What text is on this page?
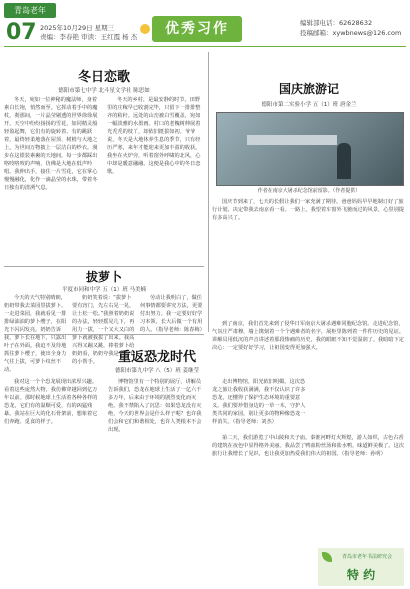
青岛老年
07 2025年10月29日 星期三
责编：李春艳 审读：王红霞 杨 杰	优秀习作	编辑部电话：62628632
投稿邮箱：xywbnews@126.com
冬日恋歌
德阳市第七中学 北斗星文学社 陈思如

冬天，宛如一位神秘的魔法师，身着素白长袍，悄然而至。它挥动着手中的魔杖，刹那间，一片晶莹剔透的世界徐徐展开。天空中纷纷扬扬的雪花，如同精灵般轻盈起舞，它们有的旋转着、有的跳跃着，最终轻柔地落在屋顶、树梢与大地之上，为世间万物披上一层洁白的纱衣。漫步在这银装素裹的天地间，每一步都踩出咯吱咯吱的声响，仿佛是大地在低声吟唱。我伸出手，接住一片雪花，它在掌心慢慢融化，化作一滴晶莹的水珠，带着冬日独有的清冽气息。

冬天的乡村，是最安静的时节。田野里的庄稼早已收割完毕，只留下一排排整齐的秸秆。远处的山峦被白雪覆盖，宛如一幅淡雅的水墨画。村口的老槐树伸展着光秃秃的枝丫，却依旧挺拔如初。爷爷说，冬天是大地休养生息的季节，只有经历严寒，来年才能迎来更加丰盈的收获。我坐在火炉旁，听着窗外呼啸的北风，心中却是暖意融融。这便是我心中的冬日恋歌。

国庆旅游记
德阳市第二实验小学 五（1）班 唐金兰
作者在南京大屠杀纪念馆前留影。（作者提供）

国庆节到来了，七天的长假让我们一家充满了期待。爸爸妈妈早早地制订好了旅行计划，决定带我去南京看一看。一路上，我望着车窗外飞驰而过的风景，心里别提有多高兴了。

到了南京，我们首先来到了侵华日军南京大屠杀遇难同胞纪念馆。走进纪念馆，气氛庄严肃穆，墙上镌刻着一个个遇难者的名字，展柜里陈列着一件件历史的见证。讲解员用低沉的声音讲述着那段惨痛的历史，我的眼眶不知不觉湿润了。我暗暗下定决心：一定要好好学习，让祖国变得更加强大。

第二天，我们游览了中山陵和夫子庙。秦淮河畔灯火辉煌，游人如织，古色古香的建筑在夜色中显得格外美丽。我品尝了鸭血粉丝汤和盐水鸭，味道鲜美极了。这次旅行让我增长了见识，也让我更加热爱我们伟大的祖国。（指导老师：孙明）

拔萝卜
平度市同和中学 五（1）班 马美楠

今天的天气特别晴朗，奶奶带我去菜园里拔萝卜。一走进菜园，我就看见一排排绿油油的萝卜缨子，在阳光下闪闪发亮。奶奶告诉我，萝卜长在地下，只露出叶子在外面。我迫不及待地抓住萝卜缨子，使出全身力气往上拔，可萝卜纹丝不动。

奶奶笑着说：“拔萝卜要有窍门，先左右晃一晃，让土松一松。”我照着奶奶说的办法，轻轻摇晃几下，再用力一拔，一个又大又白的萝卜就被我拔了出来。我高兴得又蹦又跳，捧着萝卜给奶奶看，奶奶夸我是个能干的小帮手。

劳动让我明白了，做任何事情都要讲究方法，更要付出努力。我一定要好好学习本领，长大后做一个有用的人。（指导老师：陈春梅）

重返恐龙时代
德阳市第九中学 八（5）班 姜继莹

我对这一个个恐龙展现出浓厚兴趣。看着这些庞然大物，我仿佛穿越回到亿万年以前。那时候地球上生活着各种各样的恐龙，它们有的温顺可爱，有的凶猛残暴。我站在巨大的化石骨架前，想象着它们奔跑、觅食的样子。

博物馆里有一个特别的展厅，讲解员告诉我们，恐龙在地球上生活了一亿六千多万年，后来由于环境的剧烈变化而灭绝。我不禁陷入了沉思：如果恐龙没有灭绝，今天的世界会是什么样子呢？也许我们会和它们和谐相处，也许人类根本不会出现。

走出博物馆，阳光依旧明媚。这次恐龙之旅让我收获满满，我不仅认识了许多恐龙，还懂得了保护生态环境的重要意义。我们要珍惜身边的一草一木，守护人类共同的家园，别让更多的物种像恐龙一样消失。（指导老师：刘杰）

青岛市老年书法研究会
特 约
